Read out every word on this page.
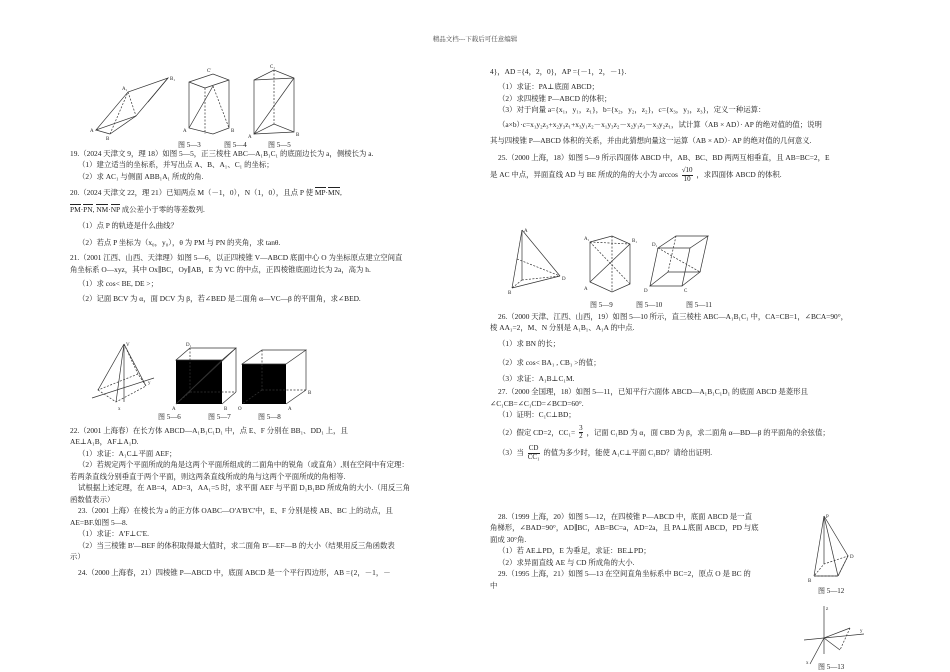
精品文档---下载后可任意编辑
A
B
B₁
A₁
C'
A	B
C₁
A	B
图 5—3	图 5—4	图 5—5

19.（2024 天津文 9，理 18）如图 5—5，正三棱柱 ABC—A₁B₁C₁ 的底面边长为 a，侧棱长为 a.

（1）建立适当的坐标系，并写出点 A、B、A₁、C₁ 的坐标；

（2）求 AC₁ 与侧面 ABB₁A₁ 所成的角.

20.（2024 天津文 22，理 21）已知两点 M（－1，0），N（1，0），且点 P 使 MP·MN,

PM·PN, NM·NP 成公差小于零的等差数列.

（1）点 P 的轨迹是什么曲线？

（2）若点 P 坐标为（x₀，y₀），θ 为 PM 与 PN 的夹角，求 tanθ.

21.（2001 江西、山西、天津理）如图 5—6，以正四棱锥 V—ABCD 底面中心 O 为坐标原点建立空间直

角坐标系 O—xyz，其中 Ox∥BC，Oy∥AB，E 为 VC 的中点，正四棱锥底面边长为 2a，高为 h.

（1）求 cos< BE, DE >；

（2）记面 BCV 为 α，面 DCV 为 β，若∠BED 是二面角 α—VC—β 的平面角，求∠BED.

V
y
x	A	B
D₁
O	A
B
图 5—6	图 5—7	图 5—8

22.（2001 上海春）在长方体 ABCD—A₁B₁C₁D₁ 中，点 E、F 分别在 BB₁、DD₁ 上，且

AE⊥A₁B，AF⊥A₁D.

（1）求证：A₁C⊥平面 AEF；

（2）若规定两个平面所成的角是这两个平面所组成的二面角中的锐角（或直角）,则在空间中有定理：

若两条直线分别垂直于两个平面，则这两条直线所成的角与这两个平面所成的角相等.

试根据上述定理，在 AB=4，AD=3，AA₁=5 时，求平面 AEF 与平面 D₁B₁BD 所成角的大小.（用反三角

函数值表示）

23.（2001 上海）在棱长为 a 的正方体 OABC—O'A'B'C'中，E、F 分别是棱 AB、BC 上的动点，且

AE=BF.如图 5—8.

（1）求证：A'F⊥C'E.

（2）当三棱锥 B'—BEF 的体积取得最大值时，求二面角 B'—EF—B 的大小（结果用反三角函数表

示）

24.（2000 上海春，21）四棱锥 P—ABCD 中，底面 ABCD 是一个平行四边形，AB ={2，－1，－

4}，AD ={4，2，0}，AP ={－1，2，－1}.

（1）求证：PA⊥底面 ABCD；

（2）求四棱锥 P—ABCD 的体积；

（3）对于向量 a={x₁，y₁，z₁}，b={x₂，y₂，z₂}，c={x₃，y₃，z₃}，定义一种运算：

（a×b）·c=x₁y₂z₃+x₂y₃z₁+x₃y₁z₂－x₁y₃z₂－x₂y₁z₃－x₃y₂z₁，试计算（AB × AD）· AP 的绝对值的值；说明

其与四棱锥 P—ABCD 体积的关系，并由此猜想向量这一运算（AB × AD）· AP 的绝对值的几何意义.

25.（2000 上海，18）如图 5—9 所示四面体 ABCD 中，AB、BC、BD 两两互相垂直，且 AB=BC=2，E

是 AC 中点，异面直线 AD 与 BE 所成的角的大小为 $\arccos \frac{√10}{10}$ ，求四面体 ABCD 的体积.

A
B
D
A₁	B₁
A	D	C
D₁
图 5—9	图 5—10	图 5—11

26.（2000 天津、江西、山西，19）如图 5—10 所示，直三棱柱 ABC—A₁B₁C₁ 中，CA=CB=1，∠BCA=90°，

棱 AA₁=2，M、N 分别是 A₁B₁、A₁A 的中点.

（1）求 BN 的长；

（2）求 cos< BA₁ , CB₁ >的值；

（3）求证：A₁B⊥C₁M.

27.（2000 全国理，18）如图 5—11，已知平行六面体 ABCD—A₁B₁C₁D₁ 的底面 ABCD 是菱形且

∠C₁CB=∠C₁CD=∠BCD=60°.

（1）证明：C₁C⊥BD；

（2）假定 CD=2，$CC_1= \frac{3}{2}$ ，记面 C₁BD 为 α，面 CBD 为 β，求二面角 α—BD—β 的平面角的余弦值；

（3）当 $\frac{CD}{\text{CC₁}}$ 的值为多少时，能使 A₁C⊥平面 C₁BD？请给出证明.

28.（1999 上海，20）如图 5—12，在四棱锥 P—ABCD 中，底面 ABCD 是一直

角梯形，∠BAD=90°，AD∥BC，AB=BC=a，AD=2a，且 PA⊥底面 ABCD，PD 与底

面成 30°角.

（1）若 AE⊥PD，E 为垂足，求证：BE⊥PD；

（2）求异面直线 AE 与 CD 所成角的大小.

29.（1995 上海，21）如图 5—13 在空间直角坐标系中 BC=2，原点 O 是 BC 的

中

P
B
D
图 5—12
z
y
x 图 5—13
